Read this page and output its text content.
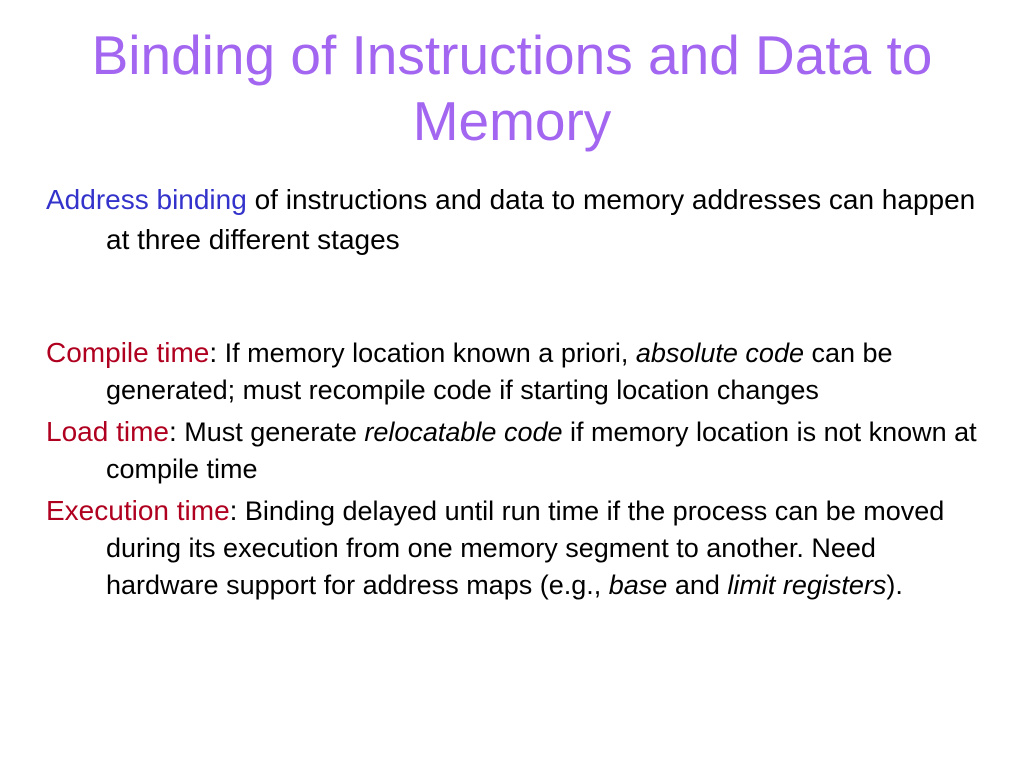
Binding of Instructions and Data to Memory

Address binding of instructions and data to memory addresses can happen at three different stages

Compile time: If memory location known a priori, absolute code can be generated; must recompile code if starting location changes

Load time: Must generate relocatable code if memory location is not known at compile time

Execution time: Binding delayed until run time if the process can be moved during its execution from one memory segment to another. Need hardware support for address maps (e.g., base and limit registers).
